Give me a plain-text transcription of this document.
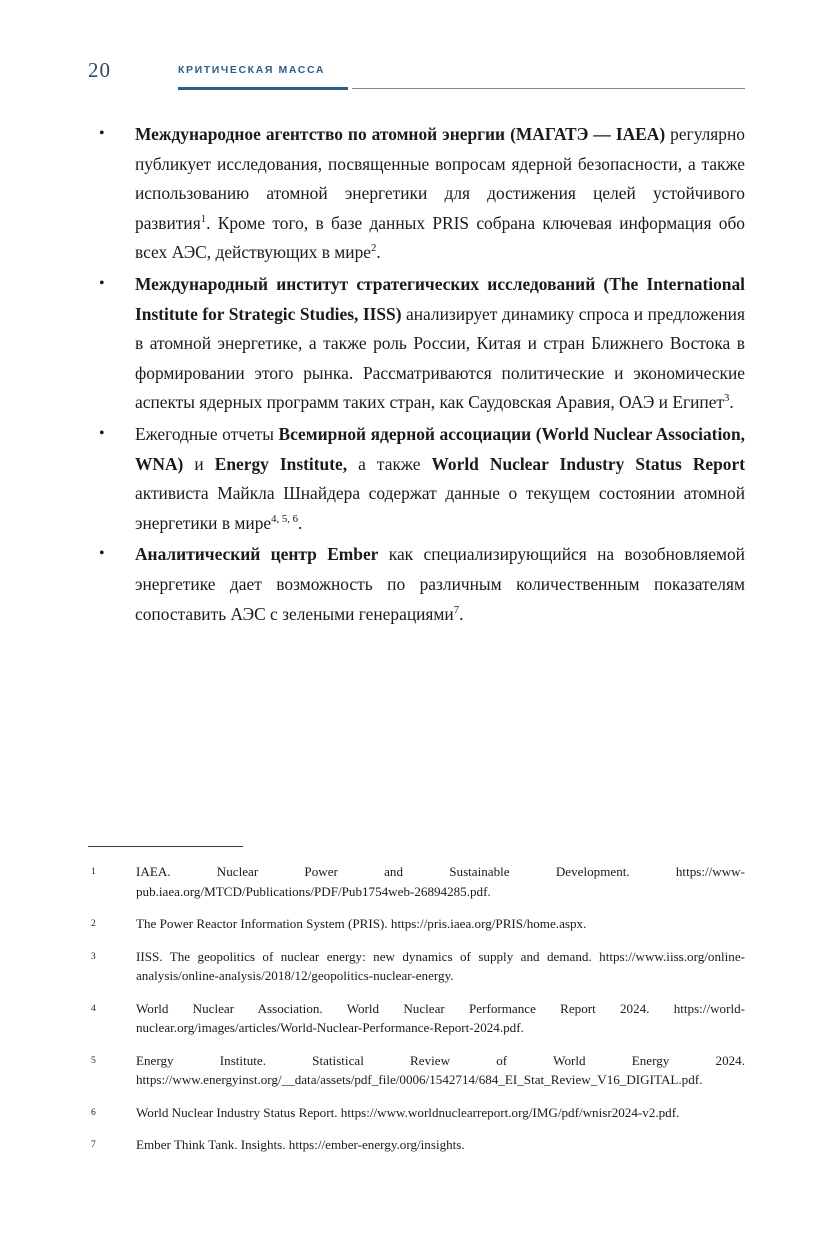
20	КРИТИЧЕСКАЯ МАССА
• Международное агентство по атомной энергии (МАГАТЭ — IAEA) регулярно публикует исследования, посвященные вопросам ядерной безопасности, а также использованию атомной энергетики для достижения целей устойчивого развития$^1$. Кроме того, в базе данных PRIS собрана ключевая информация обо всех АЭС, действующих в мире$^2$.
• Международный институт стратегических исследований (The International Institute for Strategic Studies, IISS) анализирует динамику спроса и предложения в атомной энергетике, а также роль России, Китая и стран Ближнего Востока в формировании этого рынка. Рассматриваются политические и экономические аспекты ядерных программ таких стран, как Саудовская Аравия, ОАЭ и Египет$^3$.
• Ежегодные отчеты Всемирной ядерной ассоциации (World Nuclear Association, WNA) и Energy Institute, а также World Nuclear Industry Status Report активиста Майкла Шнайдера содержат данные о текущем состоянии атомной энергетики в мире$^{4, 5, 6}$.
• Аналитический центр Ember как специализирующийся на возобновляемой энергетике дает возможность по различным количественным показателям сопоставить АЭС с зелеными генерациями$^7$.
1	IAEA. Nuclear Power and Sustainable Development. https://www-pub.iaea.org/MTCD/Publications/PDF/Pub1754web-26894285.pdf.
2	The Power Reactor Information System (PRIS). https://pris.iaea.org/PRIS/home.aspx.
3	IISS. The geopolitics of nuclear energy: new dynamics of supply and demand. https://www.iiss.org/online-analysis/online-analysis/2018/12/geopolitics-nuclear-energy.
4	World Nuclear Association. World Nuclear Performance Report 2024. https://world-nuclear.org/images/articles/World-Nuclear-Performance-Report-2024.pdf.
5	Energy Institute. Statistical Review of World Energy 2024. https://www.energyinst.org/__data/assets/pdf_file/0006/1542714/684_EI_Stat_Review_V16_DIGITAL.pdf.
6	World Nuclear Industry Status Report. https://www.worldnuclearreport.org/IMG/pdf/wnisr2024-v2.pdf.
7	Ember Think Tank. Insights. https://ember-energy.org/insights.
